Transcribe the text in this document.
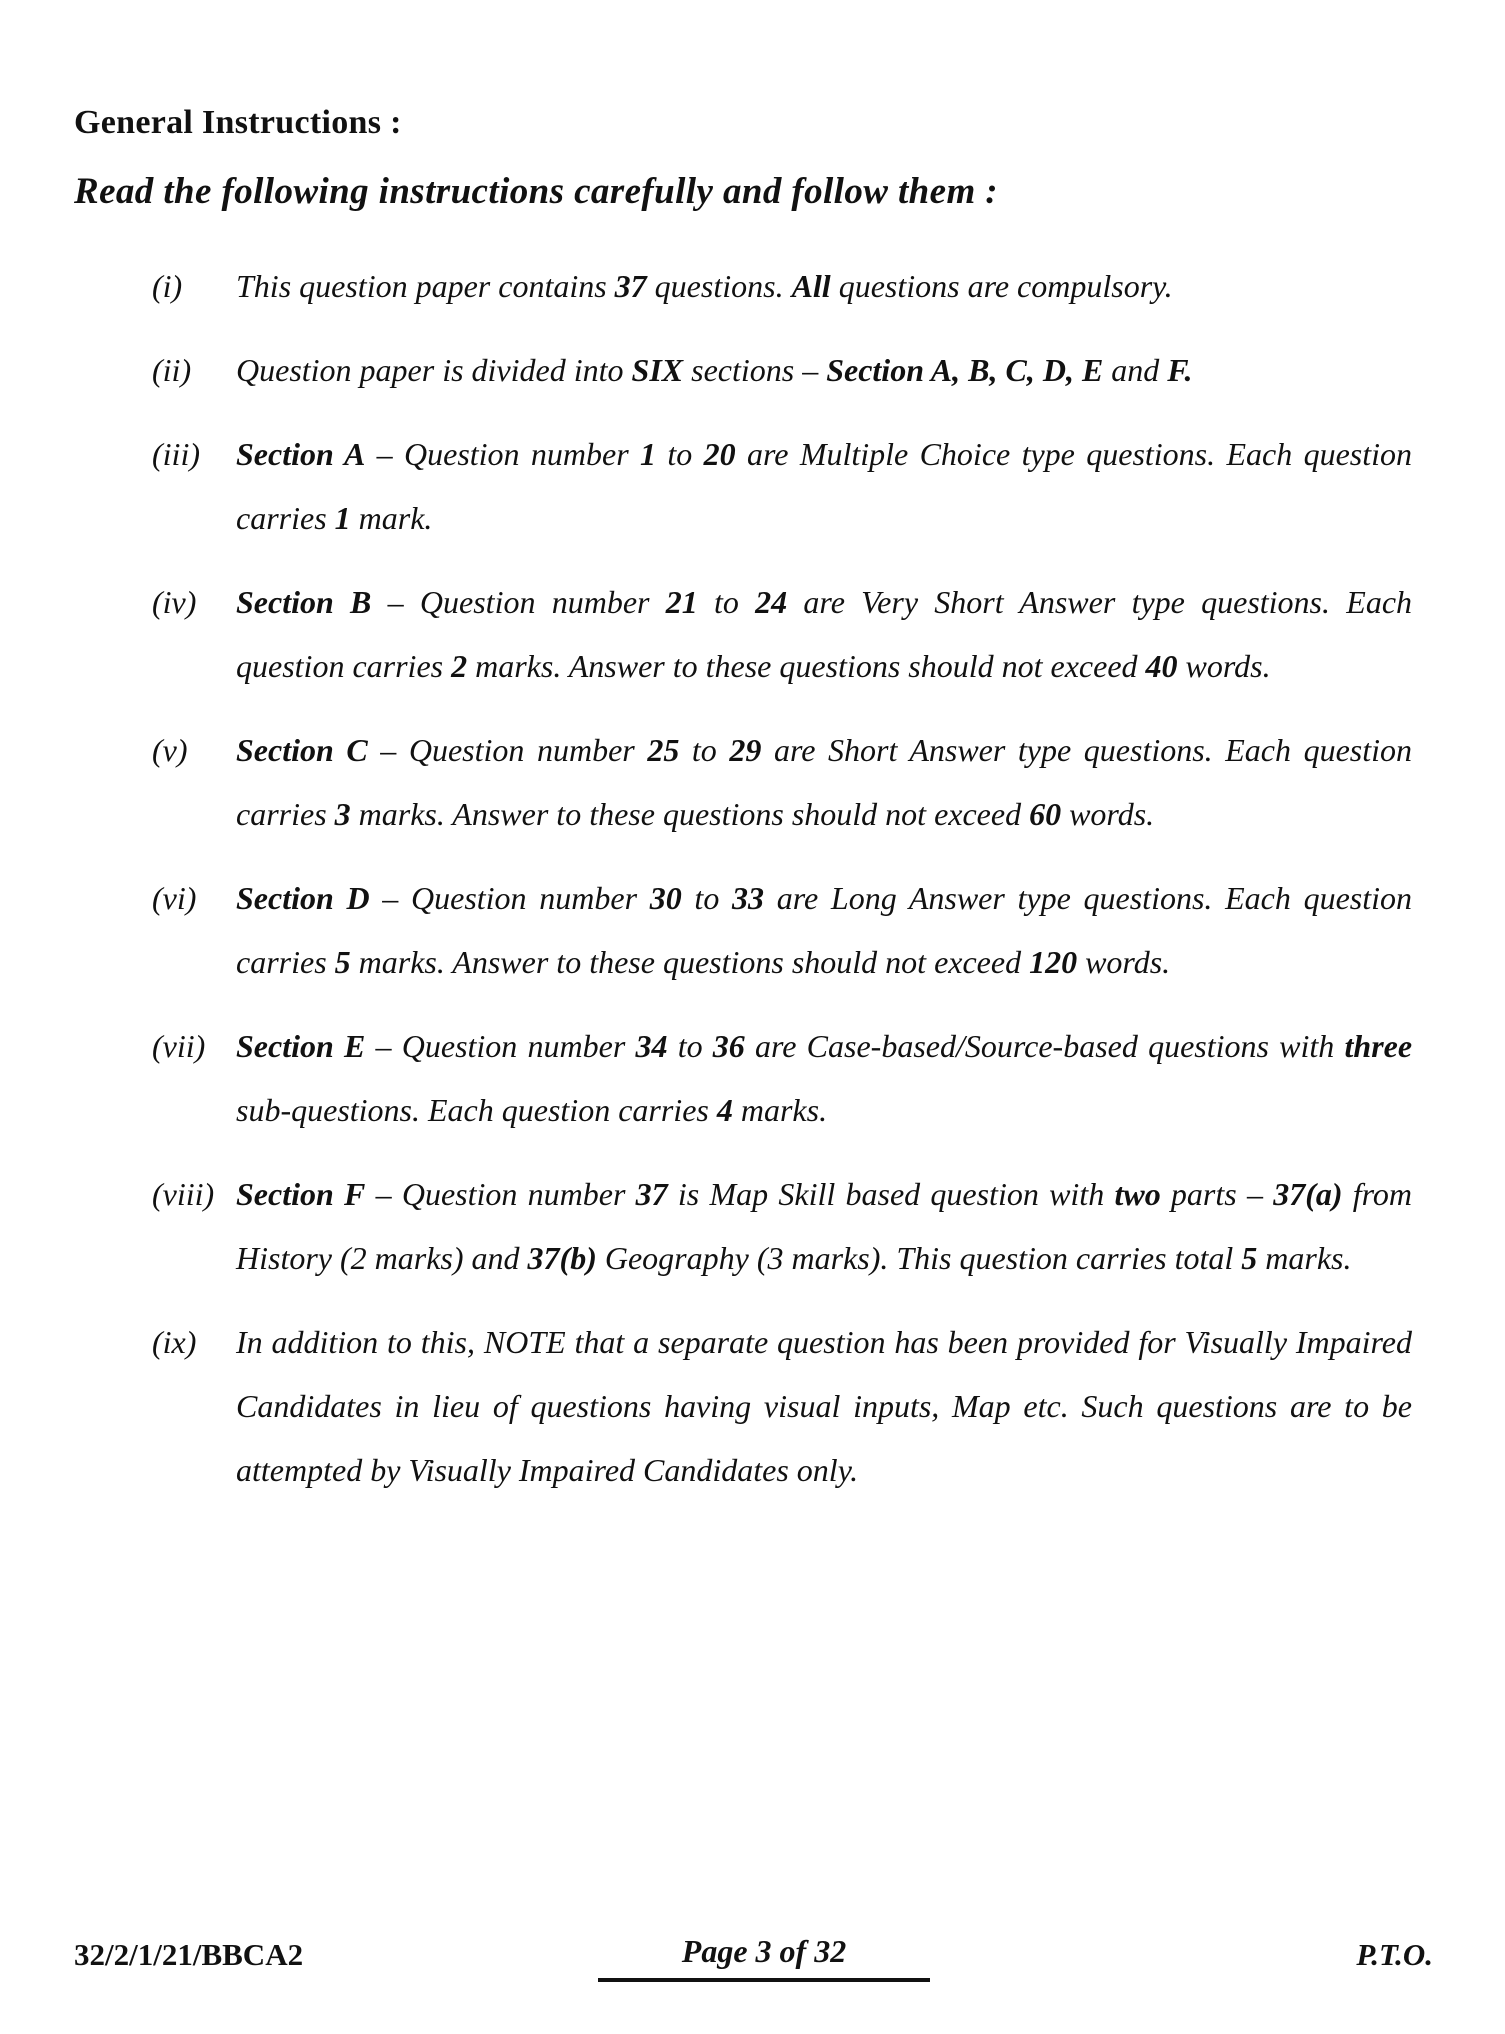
General Instructions :
Read the following instructions carefully and follow them :
(i)	This question paper contains 37 questions. All questions are compulsory.
(ii)	Question paper is divided into SIX sections – Section A, B, C, D, E and F.
(iii)	Section A – Question number 1 to 20 are Multiple Choice type questions. Each question carries 1 mark.
(iv)	Section B – Question number 21 to 24 are Very Short Answer type questions. Each question carries 2 marks. Answer to these questions should not exceed 40 words.
(v)	Section C – Question number 25 to 29 are Short Answer type questions. Each question carries 3 marks. Answer to these questions should not exceed 60 words.
(vi)	Section D – Question number 30 to 33 are Long Answer type questions. Each question carries 5 marks. Answer to these questions should not exceed 120 words.
(vii) Section E – Question number 34 to 36 are Case-based/Source-based questions with three sub-questions. Each question carries 4 marks.
(viii) Section F – Question number 37 is Map Skill based question with two parts – 37(a) from History (2 marks) and 37(b) Geography (3 marks). This question carries total 5 marks.
(ix)	In addition to this, NOTE that a separate question has been provided for Visually Impaired Candidates in lieu of questions having visual inputs, Map etc. Such questions are to be attempted by Visually Impaired Candidates only.
32/2/1/21/BBCA2	Page 3 of 32	P.T.O.
